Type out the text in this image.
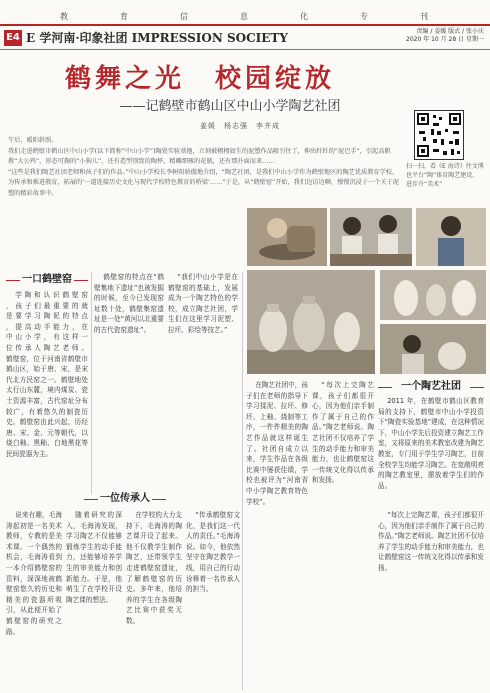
教	育	信	息	化	专	刊
E4 E 学河南·印象社团 IMPRESSION SOCIETY	责编 / 姜媛 版式 / 张小庆
2020 年 10 月 28 日 星期一
鹤舞之光　校园绽放
——记鹤壁市鹤山区中山小学陶艺社团
姜媛　杨志强　李齐成

午后，暖阳斜照。

我们走进鹤壁市鹤山区中山小学(以下简称“中山小学”)陶瓷实验基地，立刻被栩栩如生的泥塑作品吸引住了，伸出纤纤的“泥巴手”，引起高职教“大公鸡”，形态可掬的“小狗儿”，还有造型别致的陶杯，精雕细琢的花瓶，还有那扑面而来……

“这些是我们陶艺社团老师和孩子们的作品。”中山小学校长李树阳骄傲地介绍，“陶艺社团，是我们中山小学作为鹤壁地区的陶艺优质教育学校，为传承和推进教育，拓展的‘一道连接历史文化与现代学校特色教育的桥梁’……”于是，从“鹤壁窑”开始，我们边访边聊，慢慢沉浸于一个关于泥塑的精彩故事中。

扫一扫，看《E 海诗》往文博也平台“陶”体育陶艺建设，进步升“美术”
一口鹤壁窑

学 陶 和 认 识 鹤 壁 窑 ， 孩 子 们 最 重 要 的 就 是 要 学 习 陶 泥 的 特 点 ， 提 高 动 手 能 力 ， 在 中 山 小 学 ， 有 这 样 一 位 传 承 人 陶 艺 老 师 。鹤壁窑，位于河南省鹤壁市鹤山区，始于唐、宋，是宋代北方民窑之一。鹤壁地处太行山东麓，境内煤炭、瓷土资源丰富，古代窑址分布较广，有着悠久的制瓷历史。鹤壁窑由此兴起，历经唐、宋、金、元等朝代，以烧白釉、黑釉、白地黑花等民间瓷器为主。

鹤壁窑的特点在“鹤壁集地下遗址”也被发掘的时候，至今已发现窑址数十处，鹤壁集窑遗址是一处“黄河以北重要的古代瓷窑遗址”。

“我们中山小学是在鹤壁窑的基础上，发展成为一个陶艺特色的学校，成立陶艺社团，学生们在这里学习泥塑、拉坯、彩绘等技艺。”

一个陶艺社团

2011 年，在鹤壁市鹤山区教育局的支持下，鹤壁市中山小学投资下“陶瓷实验基地”建成，在这种情况下，中山小学先后投资建立陶艺工作室，又将原来的美术教室改建为陶艺教室，专门用于学生学习陶艺，目前全校学生均能学习陶艺。在宽敞明亮的陶艺教室里，摆放着学生们的作品。

在陶艺社团中，孩子们在老师的指导下学习揉泥、拉坯、修坯、上釉、烧制等工序，一件件精美的陶艺作品就这样诞生了。社团自成立以来，学生作品在各级比赛中屡获佳绩，学校也被评为“河南省中小学陶艺教育特色学校”。

“每次上完陶艺课，孩子们都很开心，因为他们亲手制作了属于自己的作品。”陶艺老师说。陶艺社团不仅培养了学生的动手能力和审美能力，也让鹤壁窑这一传统文化得以传承和发扬。

一位传承人

说来有趣，毛海涛起初是一名美术教师，专教的是美术课。一个偶然的机会，毛海涛看到一本介绍鹤壁窑的资料，深深地被鹤壁窑悠久的历史和精美的瓷器所吸引，从此便开始了鹤壁窑的研究之路。

随着研究的深入，毛海涛发现，学习陶艺不仅能够锻炼学生的动手能力，还能够培养学生的审美能力和创新能力。于是，他萌生了在学校开设陶艺课的想法。

在学校的大力支持下，毛海涛的陶艺课开设了起来。他不仅教学生制作陶艺，还带领学生走进鹤壁窑遗址，了解鹤壁窑的历史。多年来，他培养的学生在各级陶艺比赛中获奖无数。

“传承鹤壁窑文化，是我们这一代人的责任。”毛海涛说。如今，他依然坚守在陶艺教学一线，用自己的行动诠释着一名传承人的担当。

“每次上完陶艺课，孩子们都很开心，因为他们亲手制作了属于自己的作品。”陶艺老师说。陶艺社团不仅培养了学生的动手能力和审美能力，也让鹤壁窑这一传统文化得以传承和发扬。
